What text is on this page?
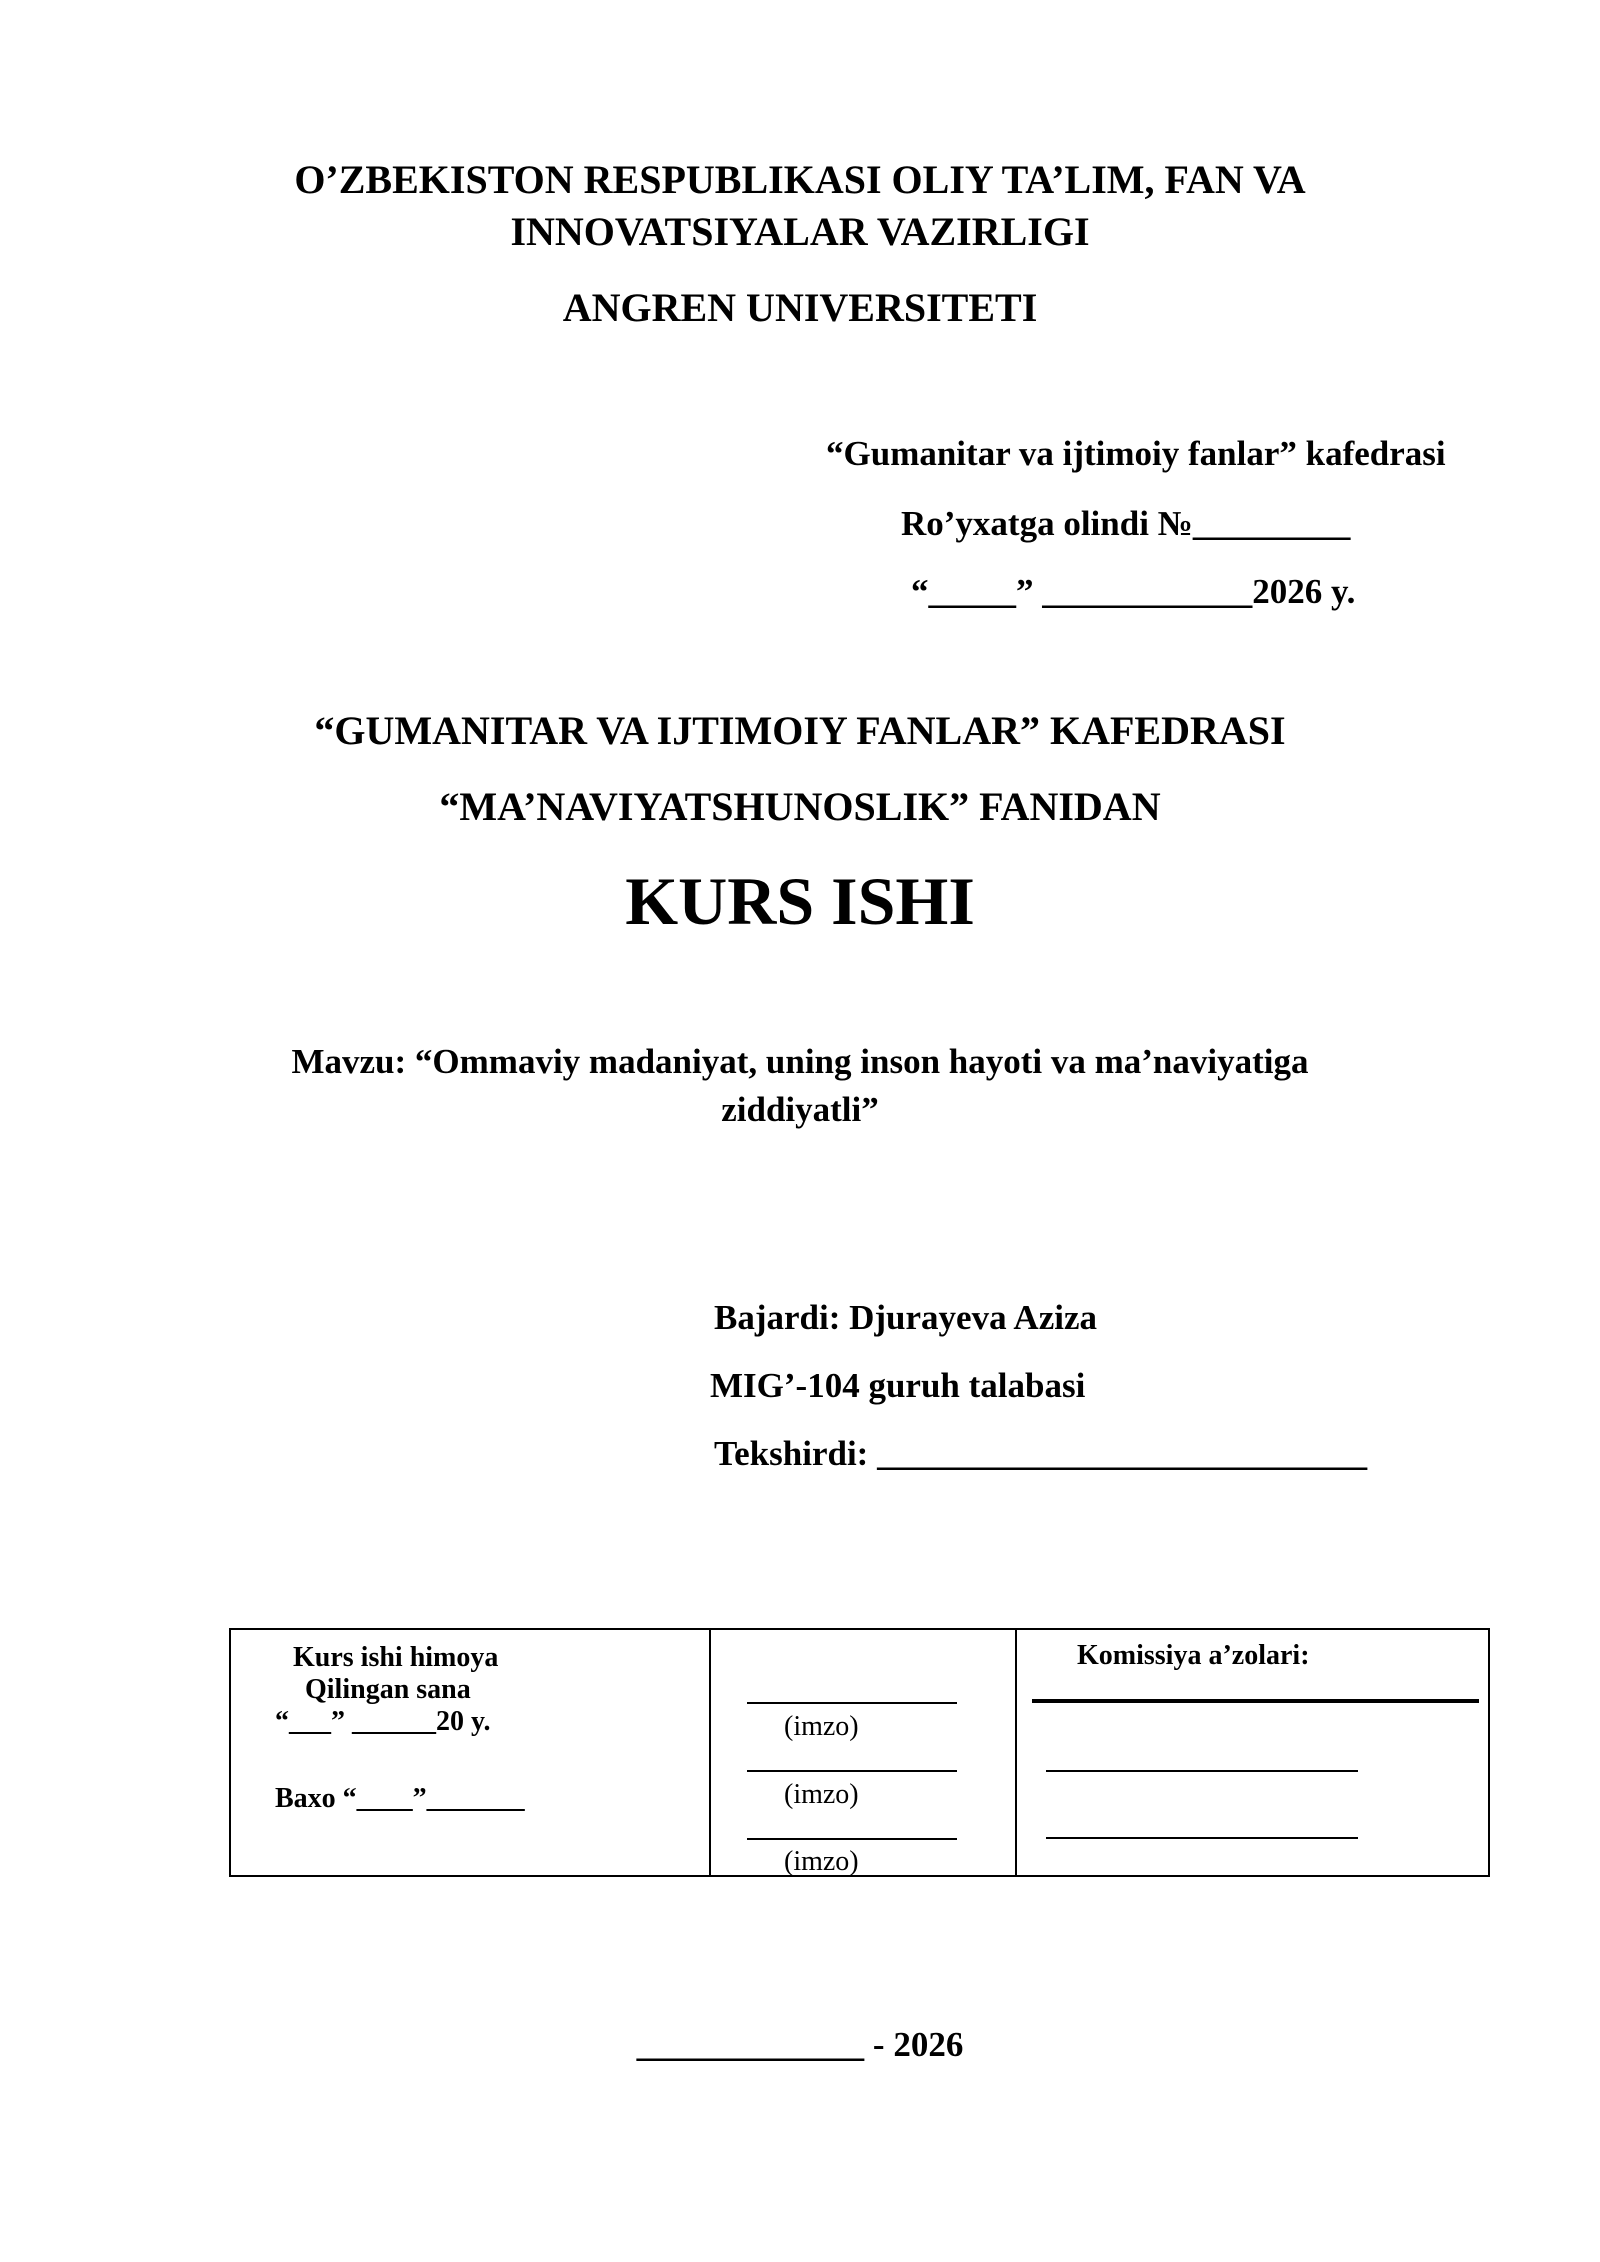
O’ZBEKISTON RESPUBLIKASI OLIY TA’LIM, FAN VA
INNOVATSIYALAR VAZIRLIGI
ANGREN UNIVERSITETI
“Gumanitar va ijtimoiy fanlar” kafedrasi
Ro’yxatga olindi №_________
“_____” ____________2026 y.
“GUMANITAR VA IJTIMOIY FANLAR” KAFEDRASI
“MA’NAVIYATSHUNOSLIK” FANIDAN
KURS ISHI
Mavzu: “Ommaviy madaniyat, uning inson hayoti va ma’naviyatiga
ziddiyatli”
Bajardi: Djurayeva Aziza
MIG’-104 guruh talabasi
Tekshirdi: ____________________________
Kurs ishi himoya
Qilingan sana
“___” ______20 y.
Baxo “____”_______

(imzo)
(imzo)
(imzo)

Komissiya a’zolari:
_____________ - 2026
